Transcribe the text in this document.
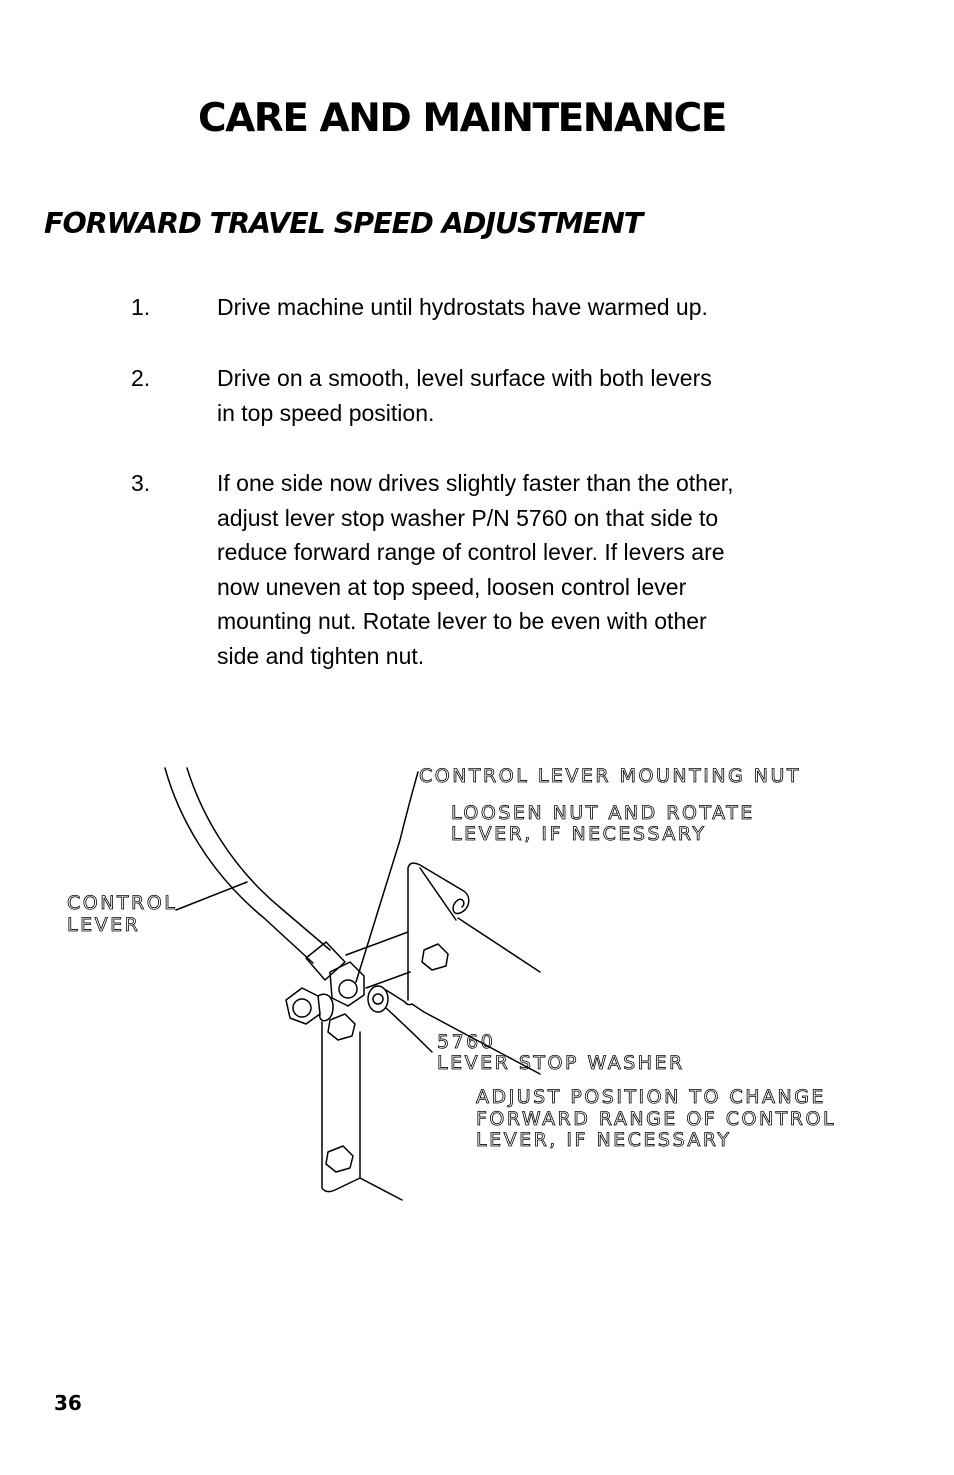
CARE AND MAINTENANCE
FORWARD TRAVEL SPEED ADJUSTMENT
1.	Drive machine until hydrostats have warmed up.
2.	Drive on a smooth, level surface with both levers
in top speed position.
3.	If one side now drives slightly faster than the other,
adjust lever stop washer P/N 5760 on that side to
reduce forward range of control lever. If levers are
now uneven at top speed, loosen control lever
mounting nut. Rotate lever to be even with other
side and tighten nut.
CONTROL LEVER MOUNTING NUT
LOOSEN NUT AND ROTATE
LEVER, IF NECESSARY
CONTROL
LEVER
5760
LEVER STOP WASHER
ADJUST POSITION TO CHANGE
FORWARD RANGE OF CONTROL
LEVER, IF NECESSARY
36
